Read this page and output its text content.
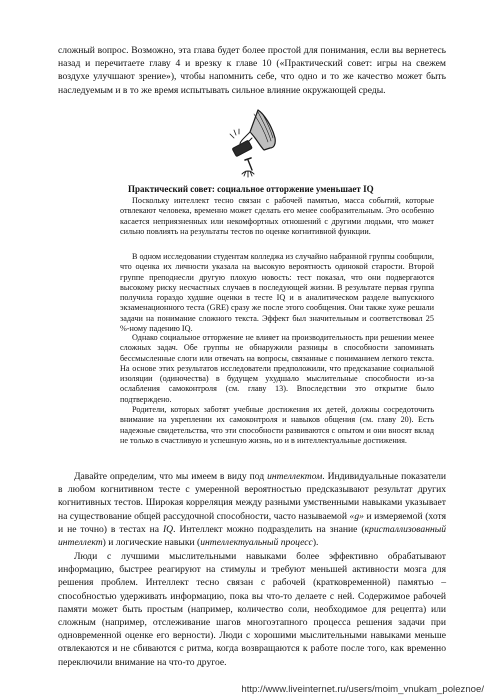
сложный вопрос. Возможно, эта глава будет более простой для понимания, если вы вернетесь назад и перечитаете главу 4 и врезку к главе 10 («Практический совет: игры на свежем воздухе улучшают зрение»), чтобы напомнить себе, что одно и то же качество может быть наследуемым и в то же время испытывать сильное влияние окружающей среды.

Практический совет: социальное отторжение уменьшает IQ

Поскольку интеллект тесно связан с рабочей памятью, масса событий, которые отвлекают человека, временно может сделать его менее сообразительным. Это особенно касается неприязненных или некомфортных отношений с другими людьми, что может сильно повлиять на результаты тестов по оценке когнитивной функции.

В одном исследовании студентам колледжа из случайно набранной группы сообщили, что оценка их личности указала на высокую вероятность одинокой старости. Второй группе преподнесли другую плохую новость: тест показал, что они подвергаются высокому риску несчастных случаев в последующей жизни. В результате первая группа получила гораздо худшие оценки в тесте IQ и в аналитическом разделе выпускного экзаменационного теста (GRE) сразу же после этого сообщения. Они также хуже решали задачи на понимание сложного текста. Эффект был значительным и соответствовал 25 %-ному падению IQ.

Однако социальное отторжение не влияет на производительность при решении менее сложных задач. Обе группы не обнаружили разницы в способности запоминать бессмысленные слоги или отвечать на вопросы, связанные с пониманием легкого текста. На основе этих результатов исследователи предположили, что предсказание социальной изоляции (одиночества) в будущем ухудшало мыслительные способности из-за ослабления самоконтроля (см. главу 13). Впоследствии это открытие было подтверждено.

Родители, которых заботят учебные достижения их детей, должны сосредоточить внимание на укреплении их самоконтроля и навыков общения (см. главу 20). Есть надежные свидетельства, что эти способности развиваются с опытом и они вносят вклад не только в счастливую и успешную жизнь, но и в интеллектуальные достижения.

Давайте определим, что мы имеем в виду под интеллектом. Индивидуальные показатели в любом когнитивном тесте с умеренной вероятностью предсказывают результат других когнитивных тестов. Широкая корреляция между разными умственными навыками указывает на существование общей рассудочной способности, часто называемой «g» и измеряемой (хотя и не точно) в тестах на IQ. Интеллект можно подразделить на знание (кристаллизованный интеллект) и логические навыки (интеллектуальный процесс).

Люди с лучшими мыслительными навыками более эффективно обрабатывают информацию, быстрее реагируют на стимулы и требуют меньшей активности мозга для решения проблем. Интеллект тесно связан с рабочей (кратковременной) памятью – способностью удерживать информацию, пока вы что-то делаете с ней. Содержимое рабочей памяти может быть простым (например, количество соли, необходимое для рецепта) или сложным (например, отслеживание шагов многоэтапного процесса решения задачи при одновременной оценке его верности). Люди с хорошими мыслительными навыками меньше отвлекаются и не сбиваются с ритма, когда возвращаются к работе после того, как временно переключили внимание на что-то другое.

http://www.liveinternet.ru/users/moim_vnukam_poleznoe/
